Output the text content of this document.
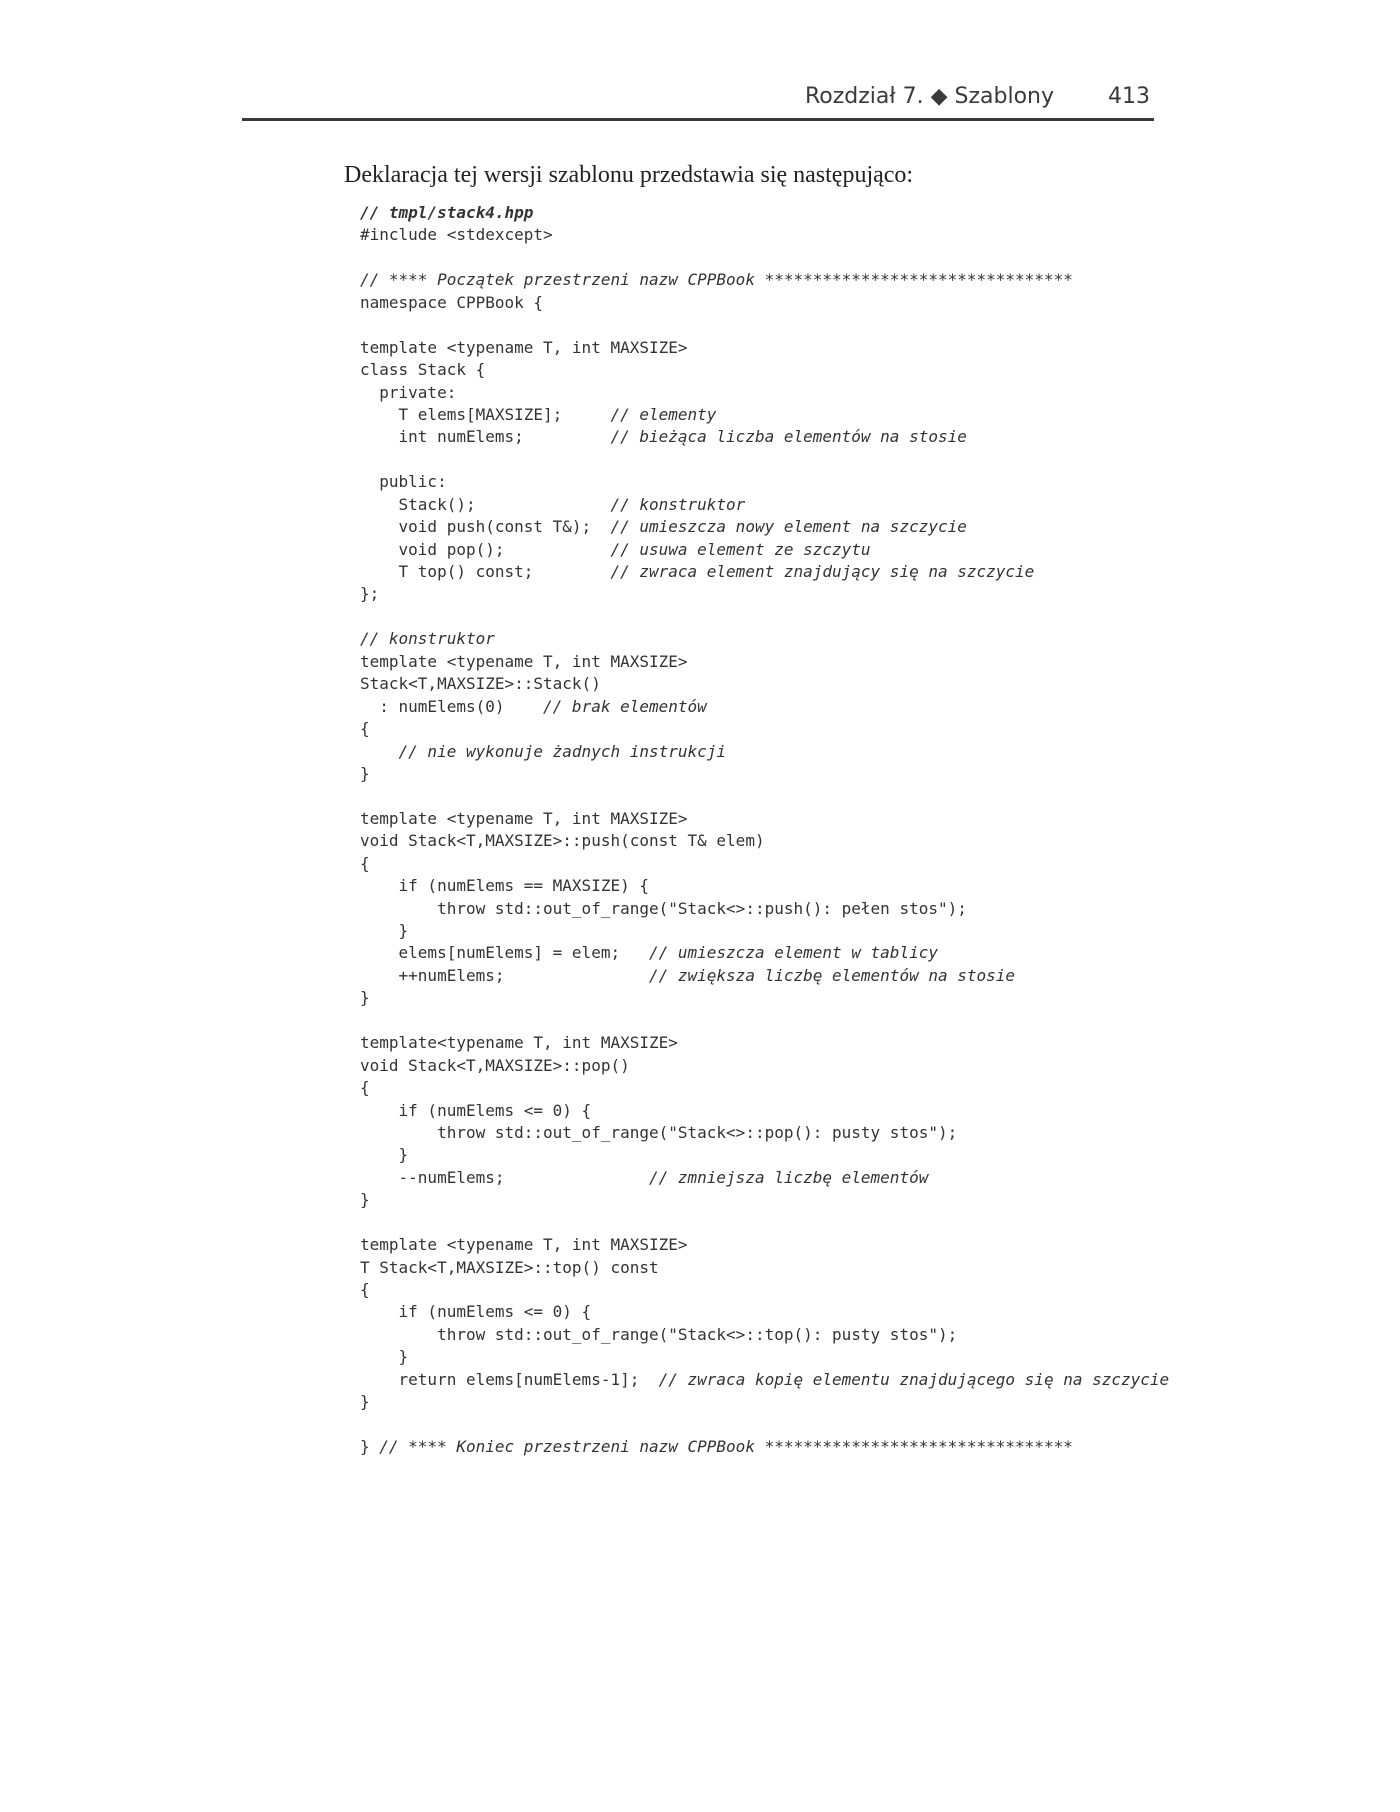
Rozdział 7. ◆ Szablony 413
Deklaracja tej wersji szablonu przedstawia się następująco:
// tmpl/stack4.hpp
#include <stdexcept>
// **** Początek przestrzeni nazw CPPBook ********************************
namespace CPPBook {
template <typename T, int MAXSIZE>
class Stack {
private:
T elems[MAXSIZE];     // elementy
int numElems;         // bieżąca liczba elementów na stosie
public:
Stack();              // konstruktor
void push(const T&);  // umieszcza nowy element na szczycie
void pop();           // usuwa element ze szczytu
T top() const;        // zwraca element znajdujący się na szczycie
};
// konstruktor
template <typename T, int MAXSIZE>
Stack<T,MAXSIZE>::Stack()
: numElems(0)    // brak elementów
{
// nie wykonuje żadnych instrukcji
}
template <typename T, int MAXSIZE>
void Stack<T,MAXSIZE>::push(const T& elem)
{
if (numElems == MAXSIZE) {
throw std::out_of_range("Stack<>::push(): pełen stos");
}
elems[numElems] = elem;   // umieszcza element w tablicy
++numElems;               // zwiększa liczbę elementów na stosie
}
template<typename T, int MAXSIZE>
void Stack<T,MAXSIZE>::pop()
{
if (numElems <= 0) {
throw std::out_of_range("Stack<>::pop(): pusty stos");
}
--numElems;               // zmniejsza liczbę elementów
}
template <typename T, int MAXSIZE>
T Stack<T,MAXSIZE>::top() const
{
if (numElems <= 0) {
throw std::out_of_range("Stack<>::top(): pusty stos");
}
return elems[numElems-1];  // zwraca kopię elementu znajdującego się na szczycie
}
} // **** Koniec przestrzeni nazw CPPBook ********************************
